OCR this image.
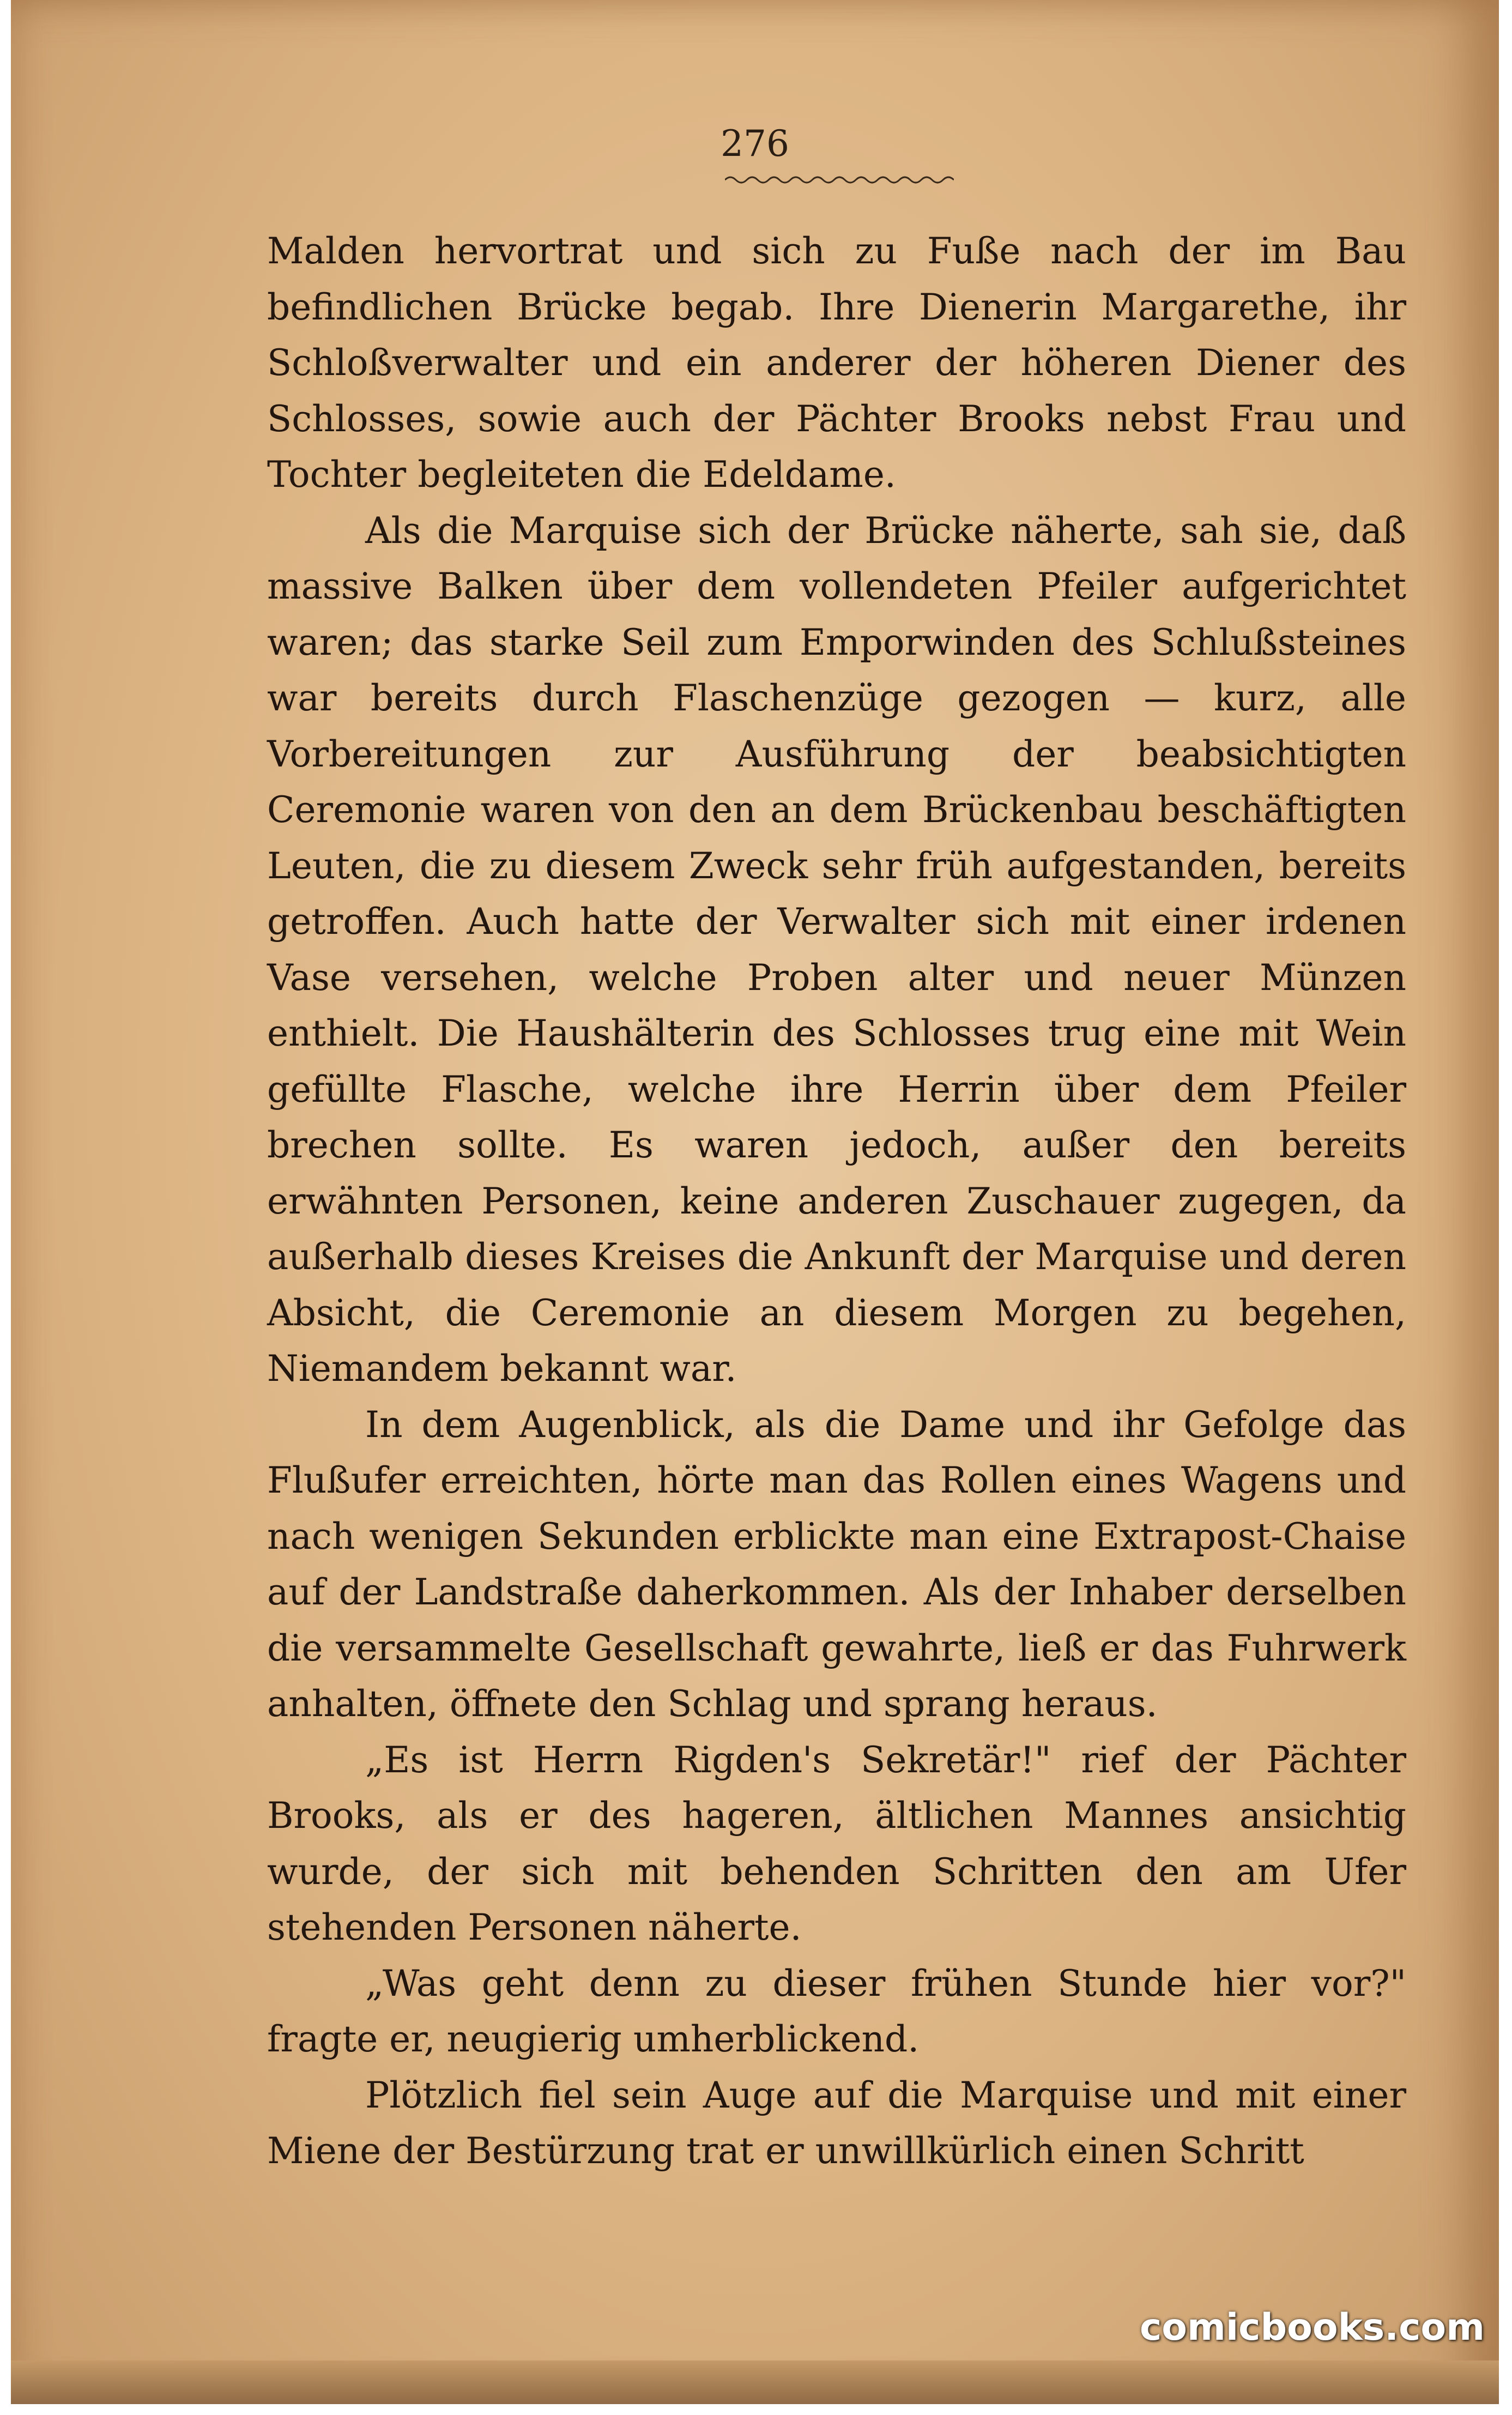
276

Malden hervortrat und sich zu Fuße nach der im Bau befindlichen Brücke begab. Ihre Dienerin Margarethe, ihr Schloßverwalter und ein anderer der höheren Diener des Schlosses, sowie auch der Pächter Brooks nebst Frau und Tochter begleiteten die Edeldame.

Als die Marquise sich der Brücke näherte, sah sie, daß massive Balken über dem vollendeten Pfeiler aufgerichtet waren; das starke Seil zum Emporwinden des Schlußsteines war bereits durch Flaschenzüge gezogen — kurz, alle Vorbereitungen zur Ausführung der beabsichtigten Ceremonie waren von den an dem Brückenbau beschäftigten Leuten, die zu diesem Zweck sehr früh aufgestanden, bereits getroffen. Auch hatte der Verwalter sich mit einer irdenen Vase versehen, welche Proben alter und neuer Münzen enthielt. Die Haushälterin des Schlosses trug eine mit Wein gefüllte Flasche, welche ihre Herrin über dem Pfeiler brechen sollte. Es waren jedoch, außer den bereits erwähnten Personen, keine anderen Zuschauer zugegen, da außerhalb dieses Kreises die Ankunft der Marquise und deren Absicht, die Ceremonie an diesem Morgen zu begehen, Niemandem bekannt war.

In dem Augenblick, als die Dame und ihr Gefolge das Flußufer erreichten, hörte man das Rollen eines Wagens und nach wenigen Sekunden erblickte man eine Extrapost-Chaise auf der Landstraße daherkommen. Als der Inhaber derselben die versammelte Gesellschaft gewahrte, ließ er das Fuhrwerk anhalten, öffnete den Schlag und sprang heraus.

„Es ist Herrn Rigden's Sekretär!" rief der Pächter Brooks, als er des hageren, ältlichen Mannes ansichtig wurde, der sich mit behenden Schritten den am Ufer stehenden Personen näherte.

„Was geht denn zu dieser frühen Stunde hier vor?" fragte er, neugierig umherblickend.

Plötzlich fiel sein Auge auf die Marquise und mit einer Miene der Bestürzung trat er unwillkürlich einen Schritt

comicbooks.com
